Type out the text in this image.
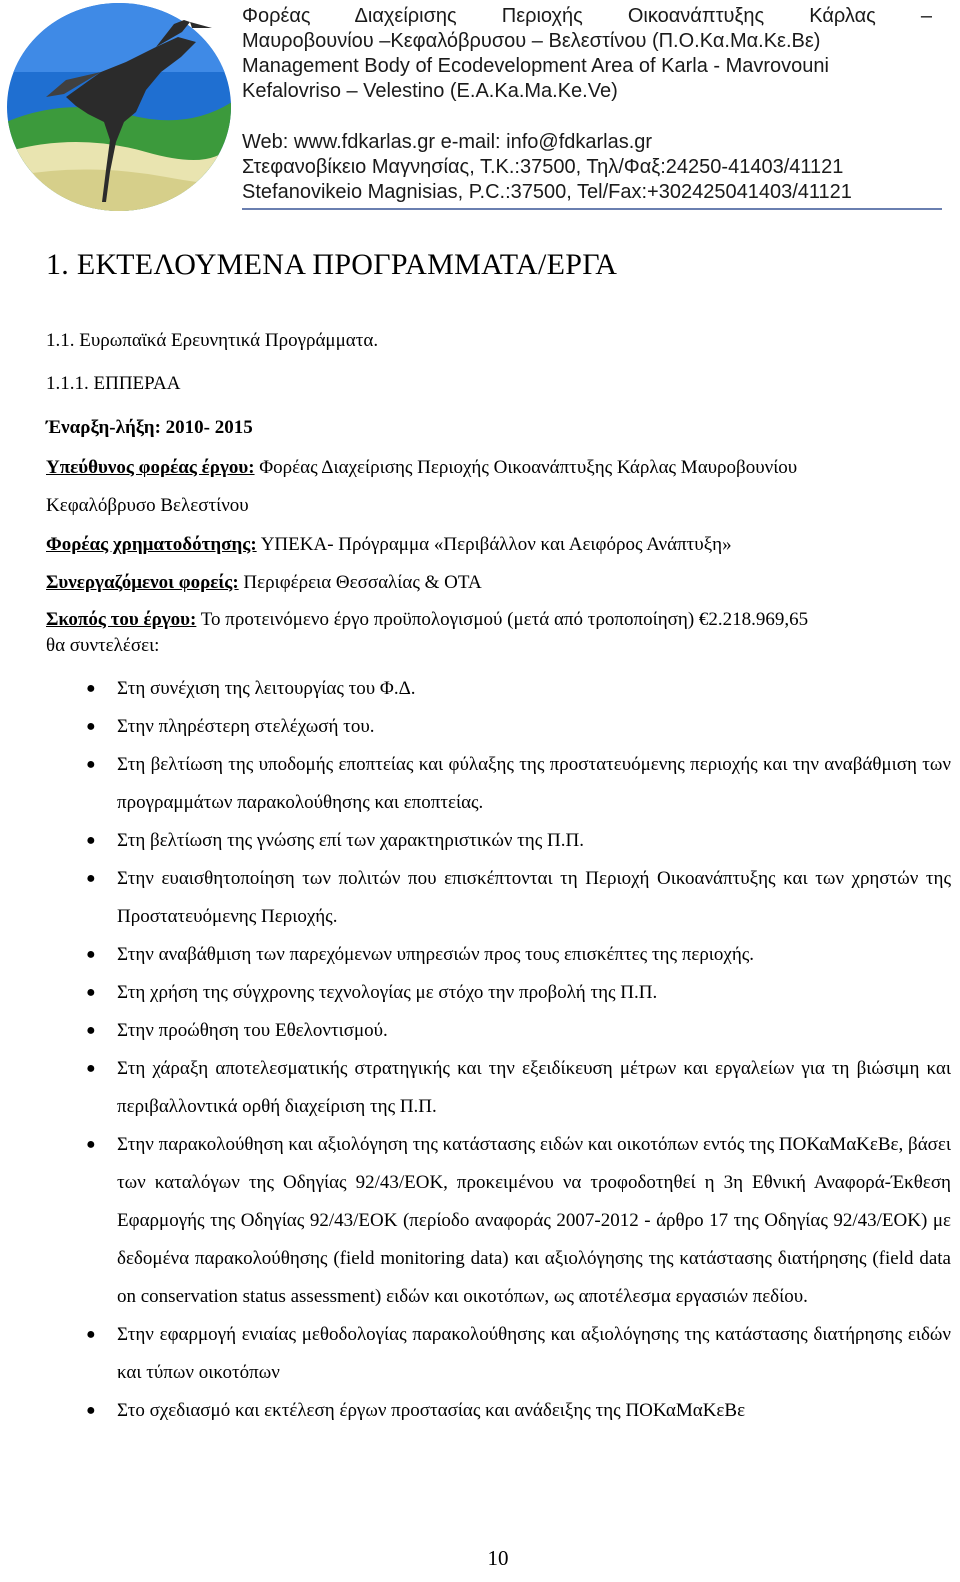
Φορέας Διαχείρισης Περιοχής Οικοανάπτυξης Κάρλας –
Μαυροβουνίου –Κεφαλόβρυσου – Βελεστίνου (Π.Ο.Κα.Μα.Κε.Βε)
Management Body of Ecodevelopment Area of Karla - Mavrovouni
Kefalovriso – Velestino (E.A.Ka.Ma.Ke.Ve)
Web: www.fdkarlas.gr e-mail: info@fdkarlas.gr
Στεφανοβίκειο Μαγνησίας, Τ.Κ.:37500, Τηλ/Φαξ:24250-41403/41121
Stefanovikeio Magnisias, P.C.:37500, Tel/Fax:+302425041403/41121
1. ΕΚΤΕΛΟΥΜΕΝΑ ΠΡΟΓΡΑΜΜΑΤΑ/ΕΡΓΑ
1.1. Ευρωπαϊκά Ερευνητικά Προγράμματα.
1.1.1. ΕΠΠΕΡΑΑ
Έναρξη-λήξη: 2010- 2015
Υπεύθυνος φορέας έργου: Φορέας Διαχείρισης Περιοχής Οικοανάπτυξης Κάρλας Μαυροβουνίου
Κεφαλόβρυσο Βελεστίνου
Φορέας χρηματοδότησης: ΥΠΕΚΑ- Πρόγραμμα «Περιβάλλον και Αειφόρος Ανάπτυξη»
Συνεργαζόμενοι φορείς: Περιφέρεια Θεσσαλίας & ΟΤΑ
Σκοπός του έργου: Το προτεινόμενο έργο προϋπολογισμού (μετά από τροποποίηση) €2.218.969,65
θα συντελέσει:
● Στη συνέχιση της λειτουργίας του Φ.Δ.
● Στην πληρέστερη στελέχωσή του.
● Στη βελτίωση της υποδομής εποπτείας και φύλαξης της προστατευόμενης περιοχής και την αναβάθμιση των προγραμμάτων παρακολούθησης και εποπτείας.
● Στη βελτίωση της γνώσης επί των χαρακτηριστικών της Π.Π.
● Στην ευαισθητοποίηση των πολιτών που επισκέπτονται τη Περιοχή Οικοανάπτυξης και των χρηστών της Προστατευόμενης Περιοχής.
● Στην αναβάθμιση των παρεχόμενων υπηρεσιών προς τους επισκέπτες της περιοχής.
● Στη χρήση της σύγχρονης τεχνολογίας με στόχο την προβολή της Π.Π.
● Στην προώθηση του Εθελοντισμού.
● Στη χάραξη αποτελεσματικής στρατηγικής και την εξειδίκευση μέτρων και εργαλείων για τη βιώσιμη και περιβαλλοντικά ορθή διαχείριση της Π.Π.
● Στην παρακολούθηση και αξιολόγηση της κατάστασης ειδών και οικοτόπων εντός της ΠΟΚαΜαΚεΒε, βάσει των καταλόγων της Οδηγίας 92/43/ΕΟΚ, προκειμένου να τροφοδοτηθεί η 3η Εθνική Αναφορά-Έκθεση Εφαρμογής της Οδηγίας 92/43/ΕΟΚ (περίοδο αναφοράς 2007-2012 - άρθρο 17 της Οδηγίας 92/43/ΕΟΚ) με δεδομένα παρακολούθησης (field monitoring data) και αξιολόγησης της κατάστασης διατήρησης (field data on conservation status assessment) ειδών και οικοτόπων, ως αποτέλεσμα εργασιών πεδίου.
● Στην εφαρμογή ενιαίας μεθοδολογίας παρακολούθησης και αξιολόγησης της κατάστασης διατήρησης ειδών και τύπων οικοτόπων
● Στο σχεδιασμό και εκτέλεση έργων προστασίας και ανάδειξης της ΠΟΚαΜαΚεΒε
10
